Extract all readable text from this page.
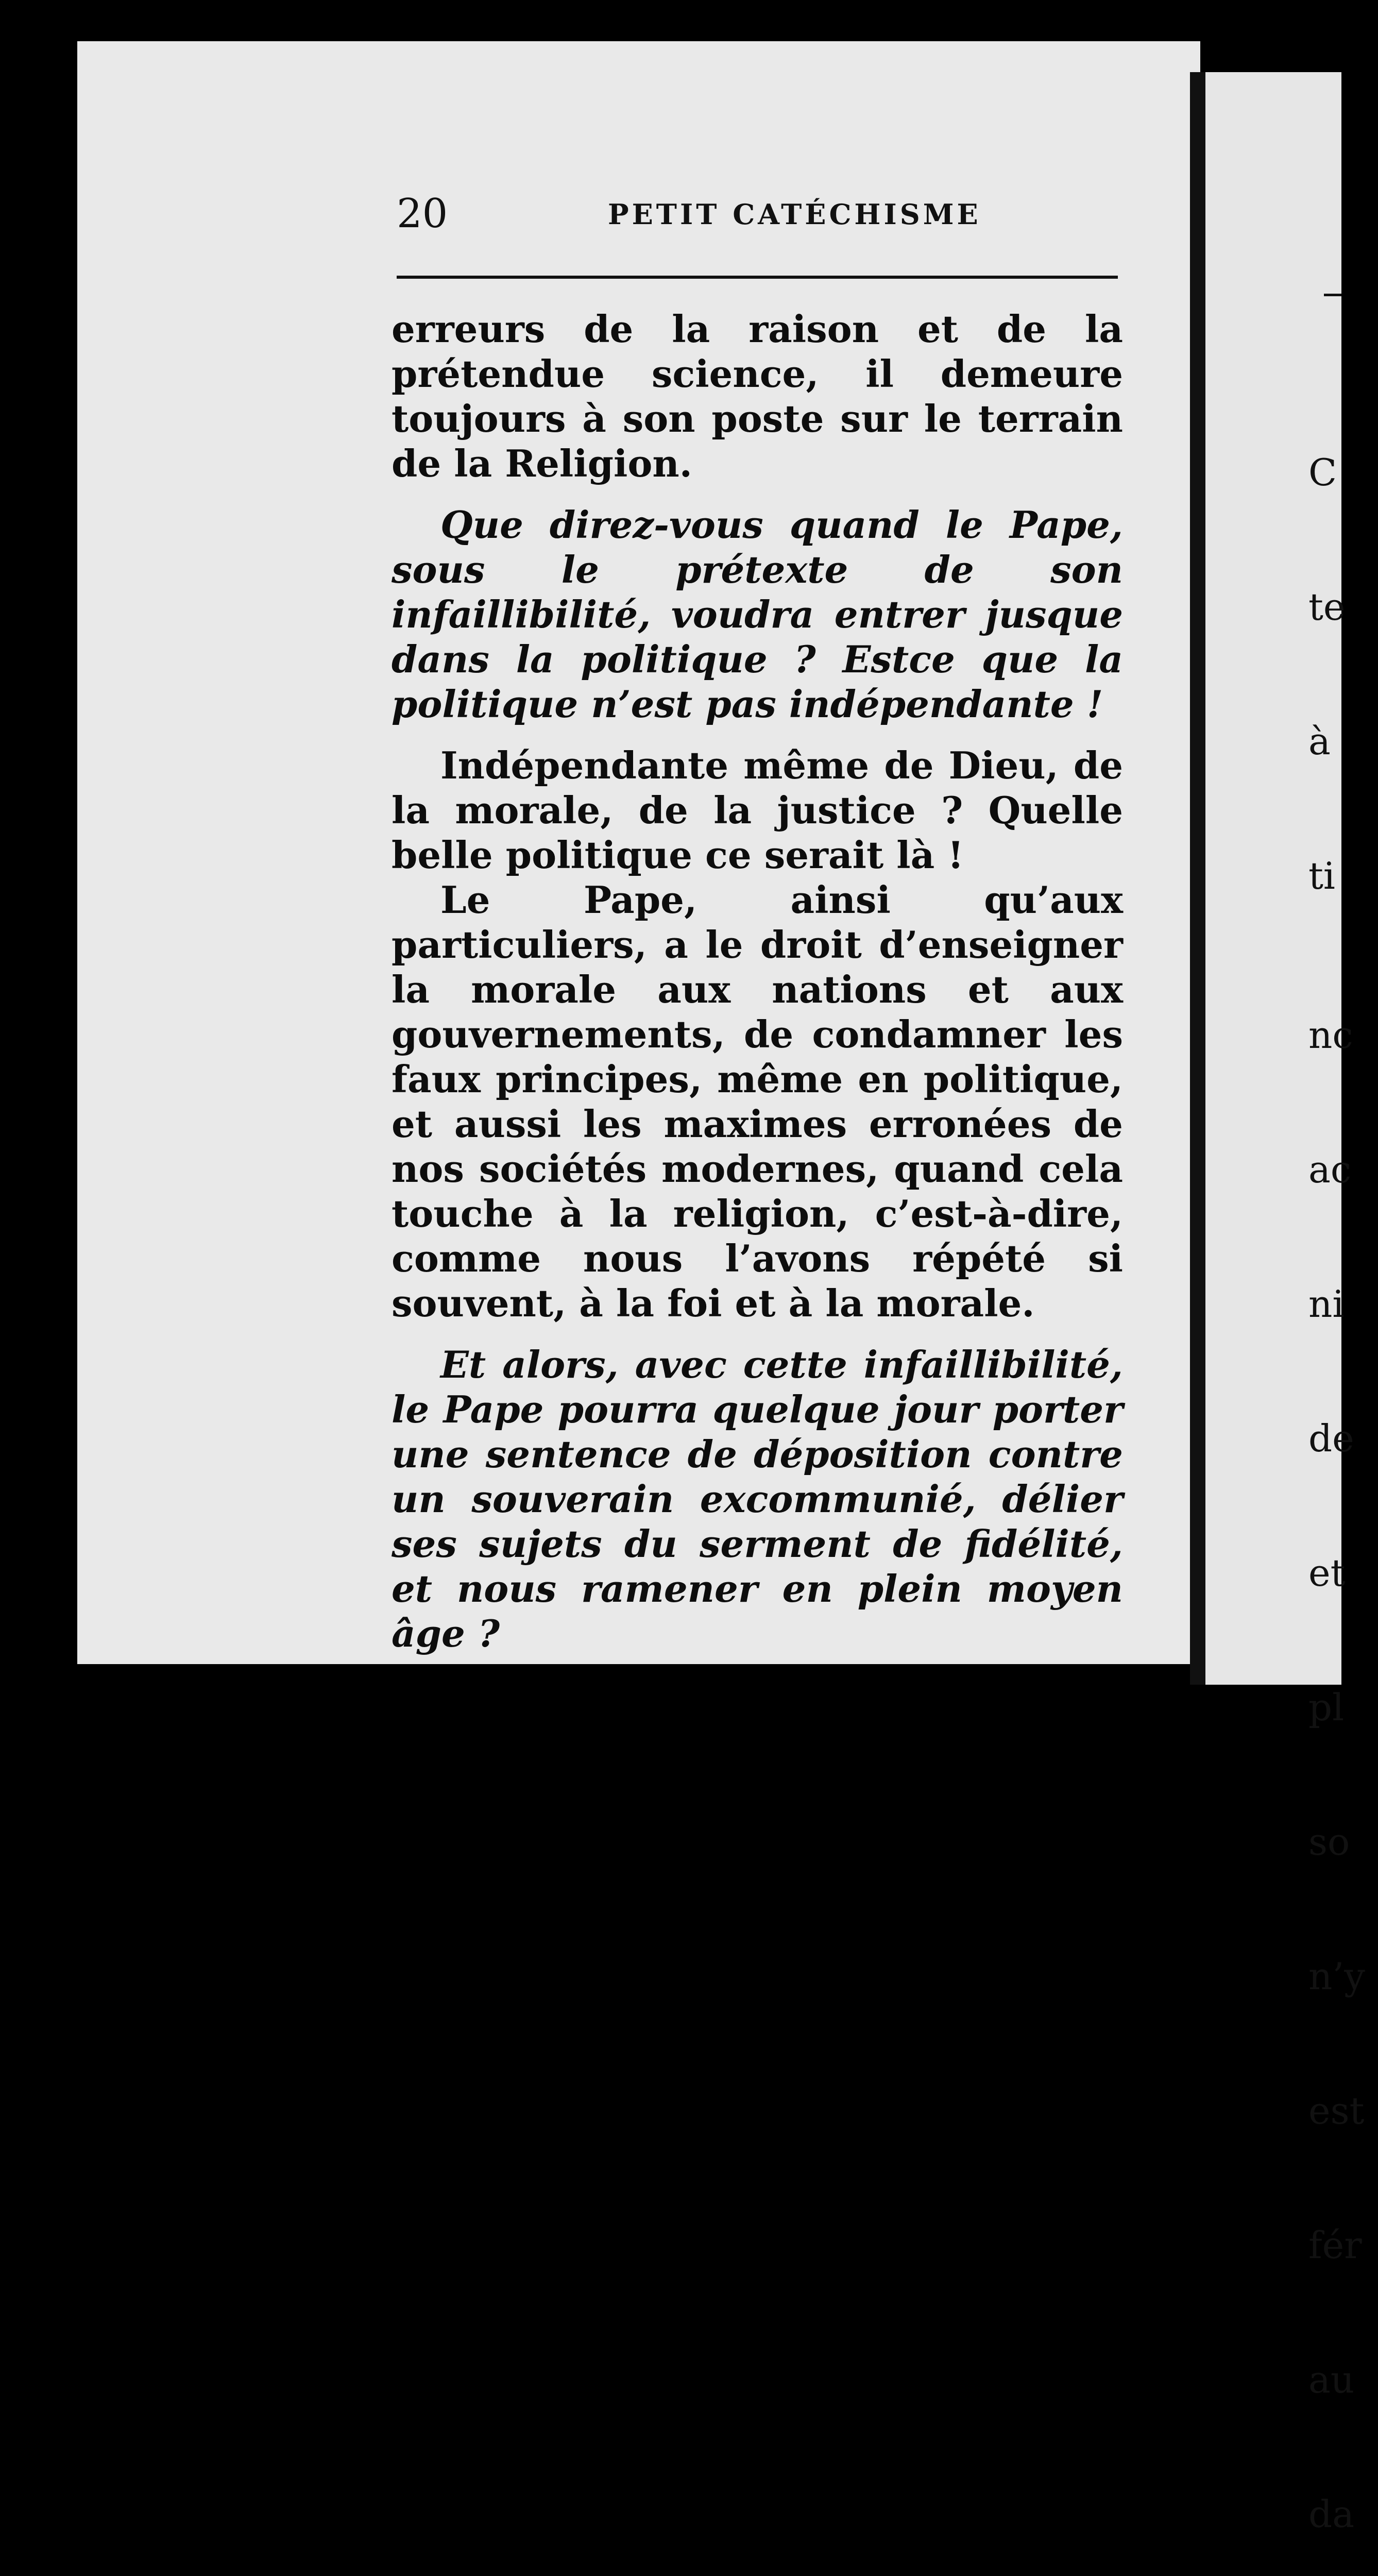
20	PETIT CATÉCHISME

erreurs de la raison et de la prétendue science, il demeure toujours à son poste sur le terrain de la Religion.

Que direz-vous quand le Pape, sous le prétexte de son infaillibilité, voudra entrer jusque dans la politique ? Estce que la politique n’est pas indépendante !

Indépendante même de Dieu, de la morale, de la justice ? Quelle belle politique ce serait là !

Le Pape, ainsi qu’aux particuliers, a le droit d’enseigner la morale aux nations et aux gouvernements, de condamner les faux principes, même en politique, et aussi les maximes erronées de nos sociétés modernes, quand cela touche à la religion, c’est-à-dire, comme nous l’avons répété si souvent, à la foi et à la morale.

Et alors, avec cette infaillibilité, le Pape pourra quelque jour porter une sentence de déposition contre un souverain excommunié, délier ses sujets du serment de fidélité, et nous ramener en plein moyen âge ?

C

te

à

ti

nc

ac

ni

de

et

pl

so

n’y

est

fér

au

da
